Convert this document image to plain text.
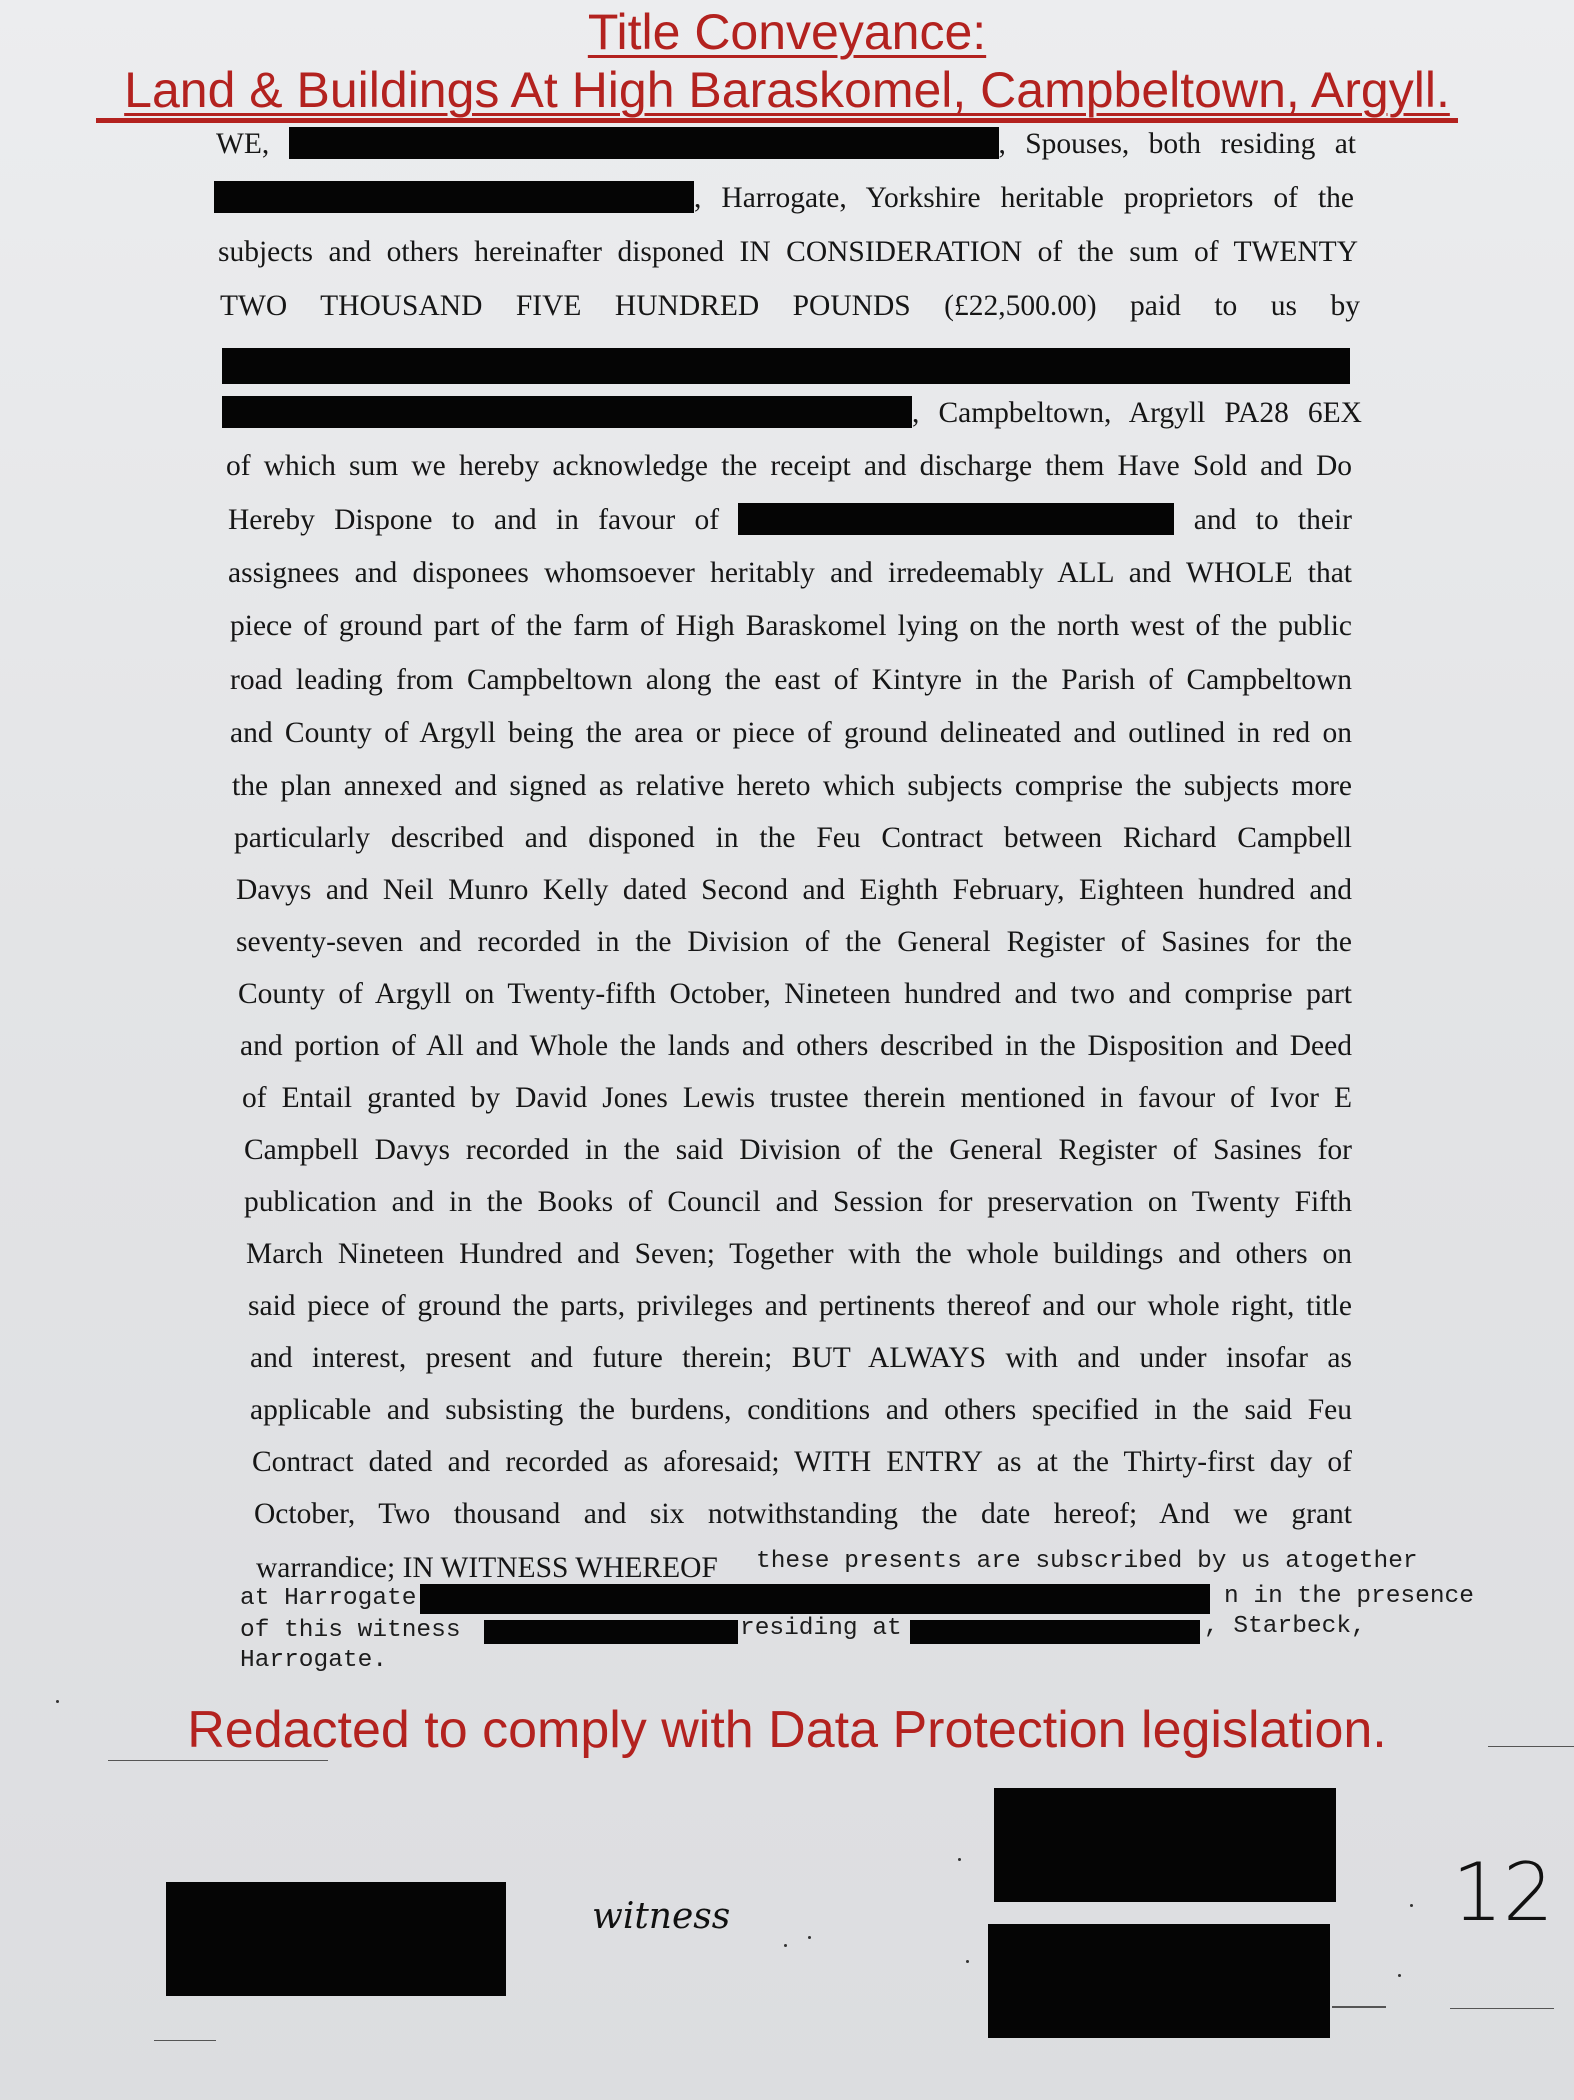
Title Conveyance:
Land & Buildings At High Baraskomel, Campbeltown, Argyll.
WE,	, Spouses, both residing at
, Harrogate, Yorkshire heritable proprietors of the
subjects and others hereinafter disponed IN CONSIDERATION of the sum of TWENTY
TWO THOUSAND FIVE HUNDRED POUNDS (£22,500.00) paid to us by
, Campbeltown, Argyll PA28 6EX
of which sum we hereby acknowledge the receipt and discharge them Have Sold and Do
Hereby Dispone to and in favour of	and to their
assignees and disponees whomsoever heritably and irredeemably ALL and WHOLE that
piece of ground part of the farm of High Baraskomel lying on the north west of the public
road leading from Campbeltown along the east of Kintyre in the Parish of Campbeltown
and County of Argyll being the area or piece of ground delineated and outlined in red on
the plan annexed and signed as relative hereto which subjects comprise the subjects more
particularly described and disponed in the Feu Contract between Richard Campbell
Davys and Neil Munro Kelly dated Second and Eighth February, Eighteen hundred and
seventy-seven and recorded in the Division of the General Register of Sasines for the
County of Argyll on Twenty-fifth October, Nineteen hundred and two and comprise part
and portion of All and Whole the lands and others described in the Disposition and Deed
of Entail granted by David Jones Lewis trustee therein mentioned in favour of Ivor E
Campbell Davys recorded in the said Division of the General Register of Sasines for
publication and in the Books of Council and Session for preservation on Twenty Fifth
March Nineteen Hundred and Seven; Together with the whole buildings and others on
said piece of ground the parts, privileges and pertinents thereof and our whole right, title
and interest, present and future therein; BUT ALWAYS with and under insofar as
applicable and subsisting the burdens, conditions and others specified in the said Feu
Contract dated and recorded as aforesaid; WITH ENTRY as at the Thirty-first day of
October, Two thousand and six notwithstanding the date hereof; And we grant
warrandice; IN WITNESS WHEREOF	these presents are subscribed by us atogether
at Harrogate	n in the presence
of this witness	residing at	, Starbeck,
Harrogate.
Redacted to comply with Data Protection legislation.
witness	12
